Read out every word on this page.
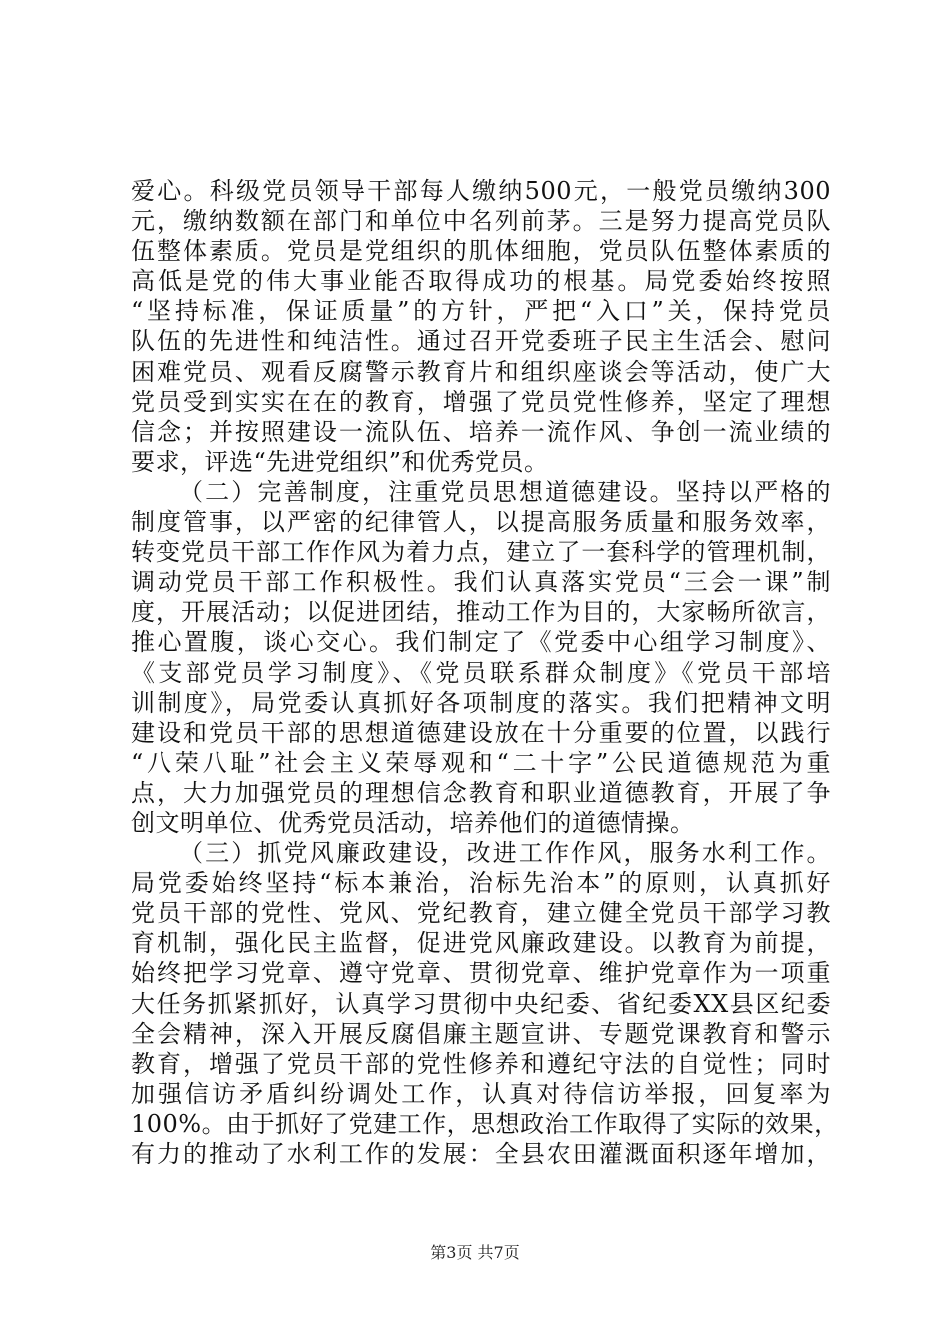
爱心。科级党员领导干部每人缴纳500元，一般党员缴纳300
元，缴纳数额在部门和单位中名列前茅。三是努力提高党员队
伍整体素质。党员是党组织的肌体细胞，党员队伍整体素质的
高低是党的伟大事业能否取得成功的根基。局党委始终按照
“坚持标准，保证质量”的方针，严把“入口”关，保持党员
队伍的先进性和纯洁性。通过召开党委班子民主生活会、慰问
困难党员、观看反腐警示教育片和组织座谈会等活动，使广大
党员受到实实在在的教育，增强了党员党性修养，坚定了理想
信念；并按照建设一流队伍、培养一流作风、争创一流业绩的
要求，评选“先进党组织”和优秀党员。
（二）完善制度，注重党员思想道德建设。坚持以严格的
制度管事，以严密的纪律管人，以提高服务质量和服务效率，
转变党员干部工作作风为着力点，建立了一套科学的管理机制，
调动党员干部工作积极性。我们认真落实党员“三会一课”制
度，开展活动；以促进团结，推动工作为目的，大家畅所欲言，
推心置腹，谈心交心。我们制定了《党委中心组学习制度》、
《支部党员学习制度》、《党员联系群众制度》《党员干部培
训制度》，局党委认真抓好各项制度的落实。我们把精神文明
建设和党员干部的思想道德建设放在十分重要的位置，以践行
“八荣八耻”社会主义荣辱观和“二十字”公民道德规范为重
点，大力加强党员的理想信念教育和职业道德教育，开展了争
创文明单位、优秀党员活动，培养他们的道德情操。
（三）抓党风廉政建设，改进工作作风，服务水利工作。
局党委始终坚持“标本兼治，治标先治本”的原则，认真抓好
党员干部的党性、党风、党纪教育，建立健全党员干部学习教
育机制，强化民主监督，促进党风廉政建设。以教育为前提，
始终把学习党章、遵守党章、贯彻党章、维护党章作为一项重
大任务抓紧抓好，认真学习贯彻中央纪委、省纪委XX县区纪委
全会精神，深入开展反腐倡廉主题宣讲、专题党课教育和警示
教育，增强了党员干部的党性修养和遵纪守法的自觉性；同时
加强信访矛盾纠纷调处工作，认真对待信访举报，回复率为
100%。由于抓好了党建工作，思想政治工作取得了实际的效果，
有力的推动了水利工作的发展：全县农田灌溉面积逐年增加，
第3页 共7页
